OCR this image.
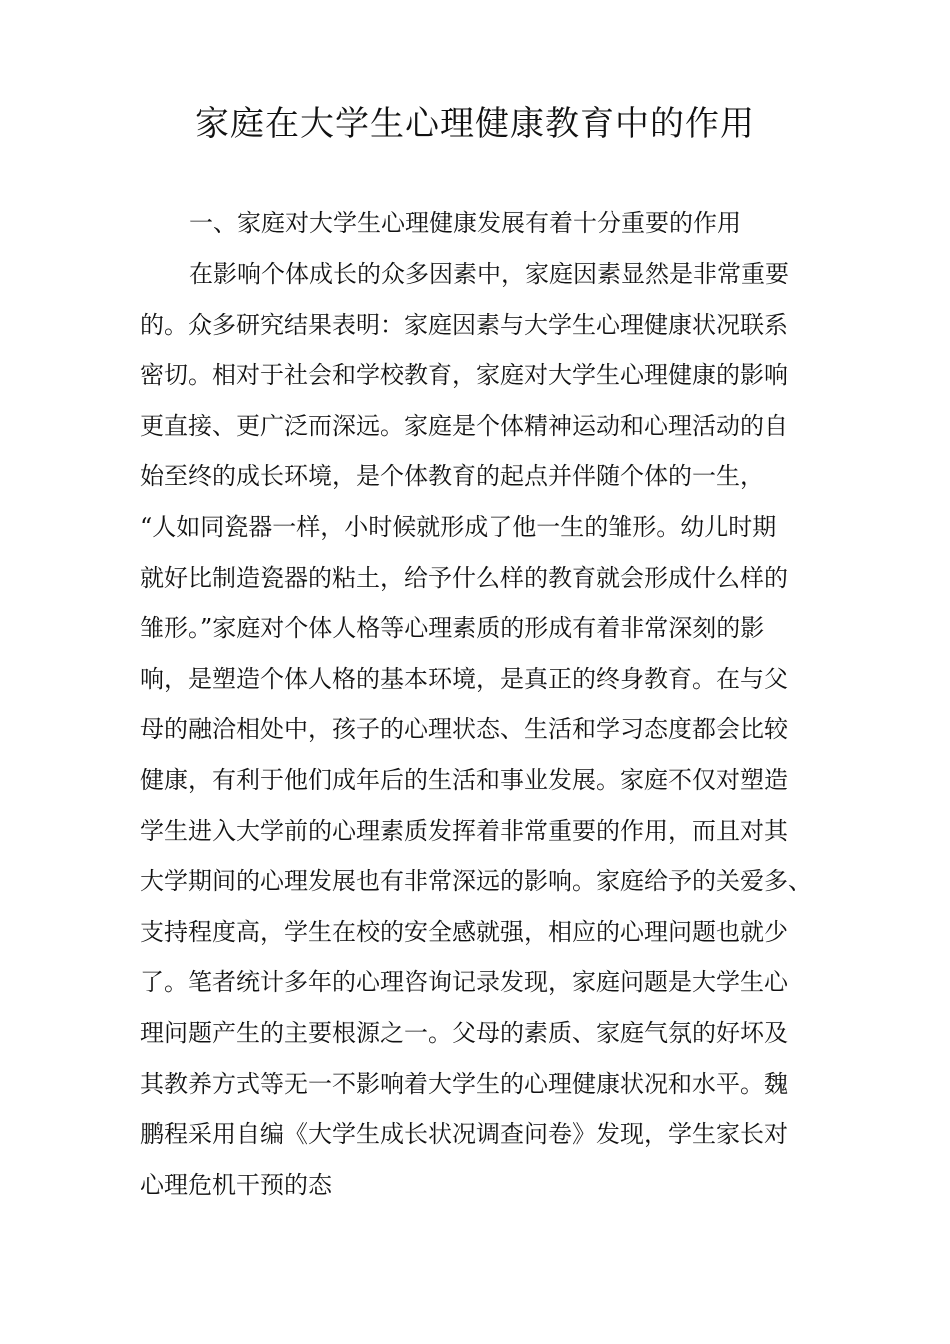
家庭在大学生心理健康教育中的作用
一、家庭对大学生心理健康发展有着十分重要的作用
在影响个体成长的众多因素中，家庭因素显然是非常重要
的。众多研究结果表明：家庭因素与大学生心理健康状况联系
密切。相对于社会和学校教育，家庭对大学生心理健康的影响
更直接、更广泛而深远。家庭是个体精神运动和心理活动的自
始至终的成长环境，是个体教育的起点并伴随个体的一生，
“人如同瓷器一样，小时候就形成了他一生的雏形。幼儿时期
就好比制造瓷器的粘土，给予什么样的教育就会形成什么样的
雏形。”家庭对个体人格等心理素质的形成有着非常深刻的影
响，是塑造个体人格的基本环境，是真正的终身教育。在与父
母的融洽相处中，孩子的心理状态、生活和学习态度都会比较
健康，有利于他们成年后的生活和事业发展。家庭不仅对塑造
学生进入大学前的心理素质发挥着非常重要的作用，而且对其
大学期间的心理发展也有非常深远的影响。家庭给予的关爱多、
支持程度高，学生在校的安全感就强，相应的心理问题也就少
了。笔者统计多年的心理咨询记录发现，家庭问题是大学生心
理问题产生的主要根源之一。父母的素质、家庭气氛的好坏及
其教养方式等无一不影响着大学生的心理健康状况和水平。魏
鹏程采用自编《大学生成长状况调查问卷》发现，学生家长对
心理危机干预的态
